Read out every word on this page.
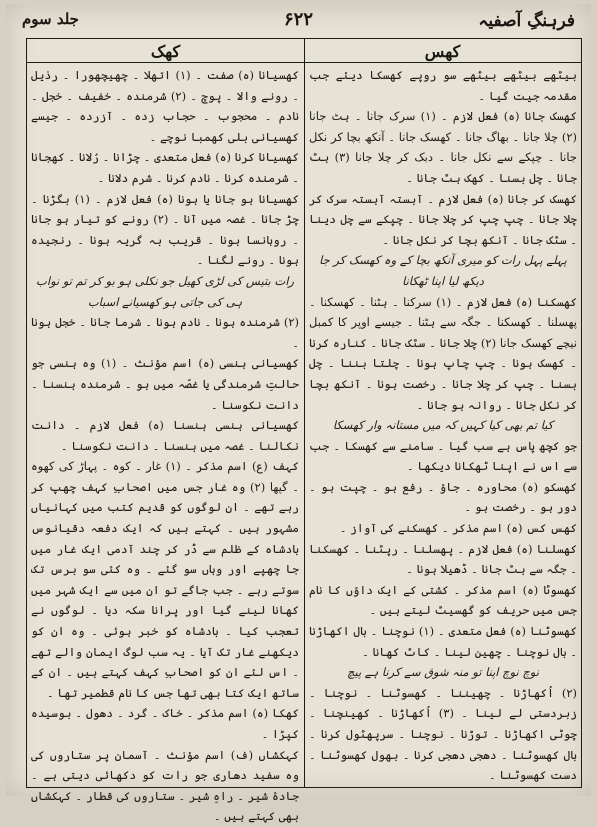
فرہنگِ آصفیہ
۶۲۲
جلد سوم
کھس
کھک

بیٹھے بیٹھے بیٹھے سو روپے کھسکا دیئے جب مقدمہ جیت گیا ۔

کھسک جانا (ہ) فعل لازم ۔ (۱) سرک جانا ۔ ہٹ جانا (۲) چلا جانا ۔ بھاگ جانا ۔ کھسک جانا ۔ آنکھ بچا کر نکل جانا ۔ چپکے سے نکل جانا ۔ دبک کر چلا جانا (۳) ہٹ جانا ۔ چل بسنا ۔ کھک ہٹ جانا ۔

کھسک کر جانا (ہ) فعل لازم ۔ آہستہ آہستہ سرک کر چلا جانا ۔ چپ چپ کر چلا جانا ۔ چپکے سے چل دینا ۔ سٹک جانا ۔ آنکھ بچا کر نکل جانا ۔

پہلے پہل رات کو میری آنکھ بچا کے وہ کھسک کر جا دیکھ لیا اپنا ٹھکانا

کھسکنا (ہ) فعل لازم ۔ (۱) سرکنا ۔ ہٹنا ۔ کھسکنا ۔ پھسلنا ۔ کھسکنا ۔ جگہ سے ہٹنا ۔ جیسے اوپر کا کمبل نیچے کھسک جانا (۲) چلا جانا ۔ سٹک جانا ۔ کنارہ کرنا ۔ کھسک ہونا ۔ چپ چاپ ہونا ۔ چلتا بننا ۔ چل بسنا ۔ چپ کر چلا جانا ۔ رخصت ہونا ۔ آنکھ بچا کر نکل جانا ۔ روانہ ہو جانا ۔

کیا تم بھی کیا کہیں کہ میں مستانہ وار کھسکا

جو کچھ پاس ہے سب گیا ۔ سامنے سے کھسکا ۔ جب سے اس نے اپنا ٹھکانا دیکھا ۔

کھسکو (ہ) محاورہ ۔ جاؤ ۔ رفع ہو ۔ چپت ہو ۔ دور ہو ۔ رخصت ہو ۔

کھس کس (ہ) اسم مذکر ۔ کھسکنے کی آواز ۔

کھسلنا (ہ) فعل لازم ۔ پھسلنا ۔ رپٹنا ۔ کھسکنا ۔ جگہ سے ہٹ جانا ۔ ڈھیلا ہونا ۔

کھسوٹا (ہ) اسم مذکر ۔ کشتی کے ایک داؤں کا نام جس میں حریف کو گھسیٹ لیتے ہیں ۔

کھسوٹنا (ہ) فعل متعدی ۔ (۱) نوچنا ۔ بال اکھاڑنا ۔ بال نوچنا ۔ چھین لینا ۔ کاٹ کھانا ۔

نوچ نوچ اپنا تو منہ شوق سے کرنا ہے پیچ

(۲) اُکھاڑنا ۔ چھیننا ۔ کھسوٹنا ۔ نوچنا ۔ زبردستی لے لینا ۔ (۳) اُکھاڑنا ۔ کھینچنا ۔ چوٹی اکھاڑنا ۔ توڑنا ۔ نوچنا ۔ سرپھٹول کرنا ۔ بال کھسوٹنا ۔ دھجی دھجی کرنا ۔ بھول کھسوٹنا ۔ دست کھسوٹنا ۔

کھسیانا (ہ) صفت ۔ (۱) اتھلا ۔ چھیچھورا ۔ رذیل ۔ رونے والا ۔ پوچ ۔ (۲) شرمندہ ۔ خفیف ۔ خجل ۔ نادم ۔ محجوب ۔ حجاب زدہ ۔ آزردہ ۔ جیسے کھسیانی بلی کھمبا نوچے ۔

کھسیانا کرنا (ہ) فعل متعدی ۔ چڑانا ۔ رُلانا ۔ کھجانا ۔ شرمندہ کرنا ۔ نادم کرنا ۔ شرم دلانا ۔

کھسیانا ہو جانا یا ہونا (ہ) فعل لازم ۔ (۱) بگڑنا ۔ چڑ جانا ۔ غصہ میں آنا ۔ (۲) رونے کو تیار ہو جانا ۔ روہانسا ہونا ۔ قریب بہ گریہ ہونا ۔ رنجیدہ ہونا ۔ رونے لگنا ۔

رات بتیس کی لڑی کھیل جو نکلی ہو بو کر تم تو نواب ہی کی جاتی ہو کھسیانے اسباب

(۲) شرمندہ ہونا ۔ نادم ہونا ۔ شرما جانا ۔ خجل ہونا ۔

کھسیانی ہنسی (ہ) اسم مؤنث ۔ (۱) وہ ہنسی جو حالتِ شرمندگی یا غصّہ میں ہو ۔ شرمندہ ہنسنا ۔ دانت نکوسنا ۔

کھسیانی ہنسی ہنسنا (ہ) فعل لازم ۔ دانت نکالنا ۔ غصہ میں ہنسنا ۔ دانت نکوسنا ۔

کہف (ع) اسم مذکر ۔ (۱) غار ۔ کوہ ۔ پہاڑ کی کھوہ ۔ گپھا (۲) وہ غار جس میں اصحابِ کہف چھپ کر رہے تھے ۔ ان لوگوں کو قدیم کتب میں کہانیاں مشہور ہیں ۔ کہتے ہیں کہ ایک دفعہ دقیانوس بادشاہ کے ظلم سے ڈر کر چند آدمی ایک غار میں جا چھپے اور وہاں سو گئے ۔ وہ کئی سو برس تک سوتے رہے ۔ جب جاگے تو ان میں سے ایک شہر میں کھانا لینے گیا اور پرانا سکہ دیا ۔ لوگوں نے تعجب کیا ۔ بادشاہ کو خبر ہوئی ۔ وہ ان کو دیکھنے غار تک آیا ۔ یہ سب لوگ ایمان والے تھے ۔ اس لئے ان کو اصحابِ کہف کہتے ہیں ۔ ان کے ساتھ ایک کتا بھی تھا جس کا نام قطمیر تھا ۔

کھکا (ہ) اسم مذکر ۔ خاک ۔ گرد ۔ دھول ۔ بوسیدہ کپڑا ۔

کہکشاں (ف) اسم مؤنث ۔ آسمان پر ستاروں کی وہ سفید دھاری جو رات کو دکھائی دیتی ہے ۔ جادۂ شیر ۔ راہِ شیر ۔ ستاروں کی قطار ۔ کہکشاں بھی کہتے ہیں ۔
